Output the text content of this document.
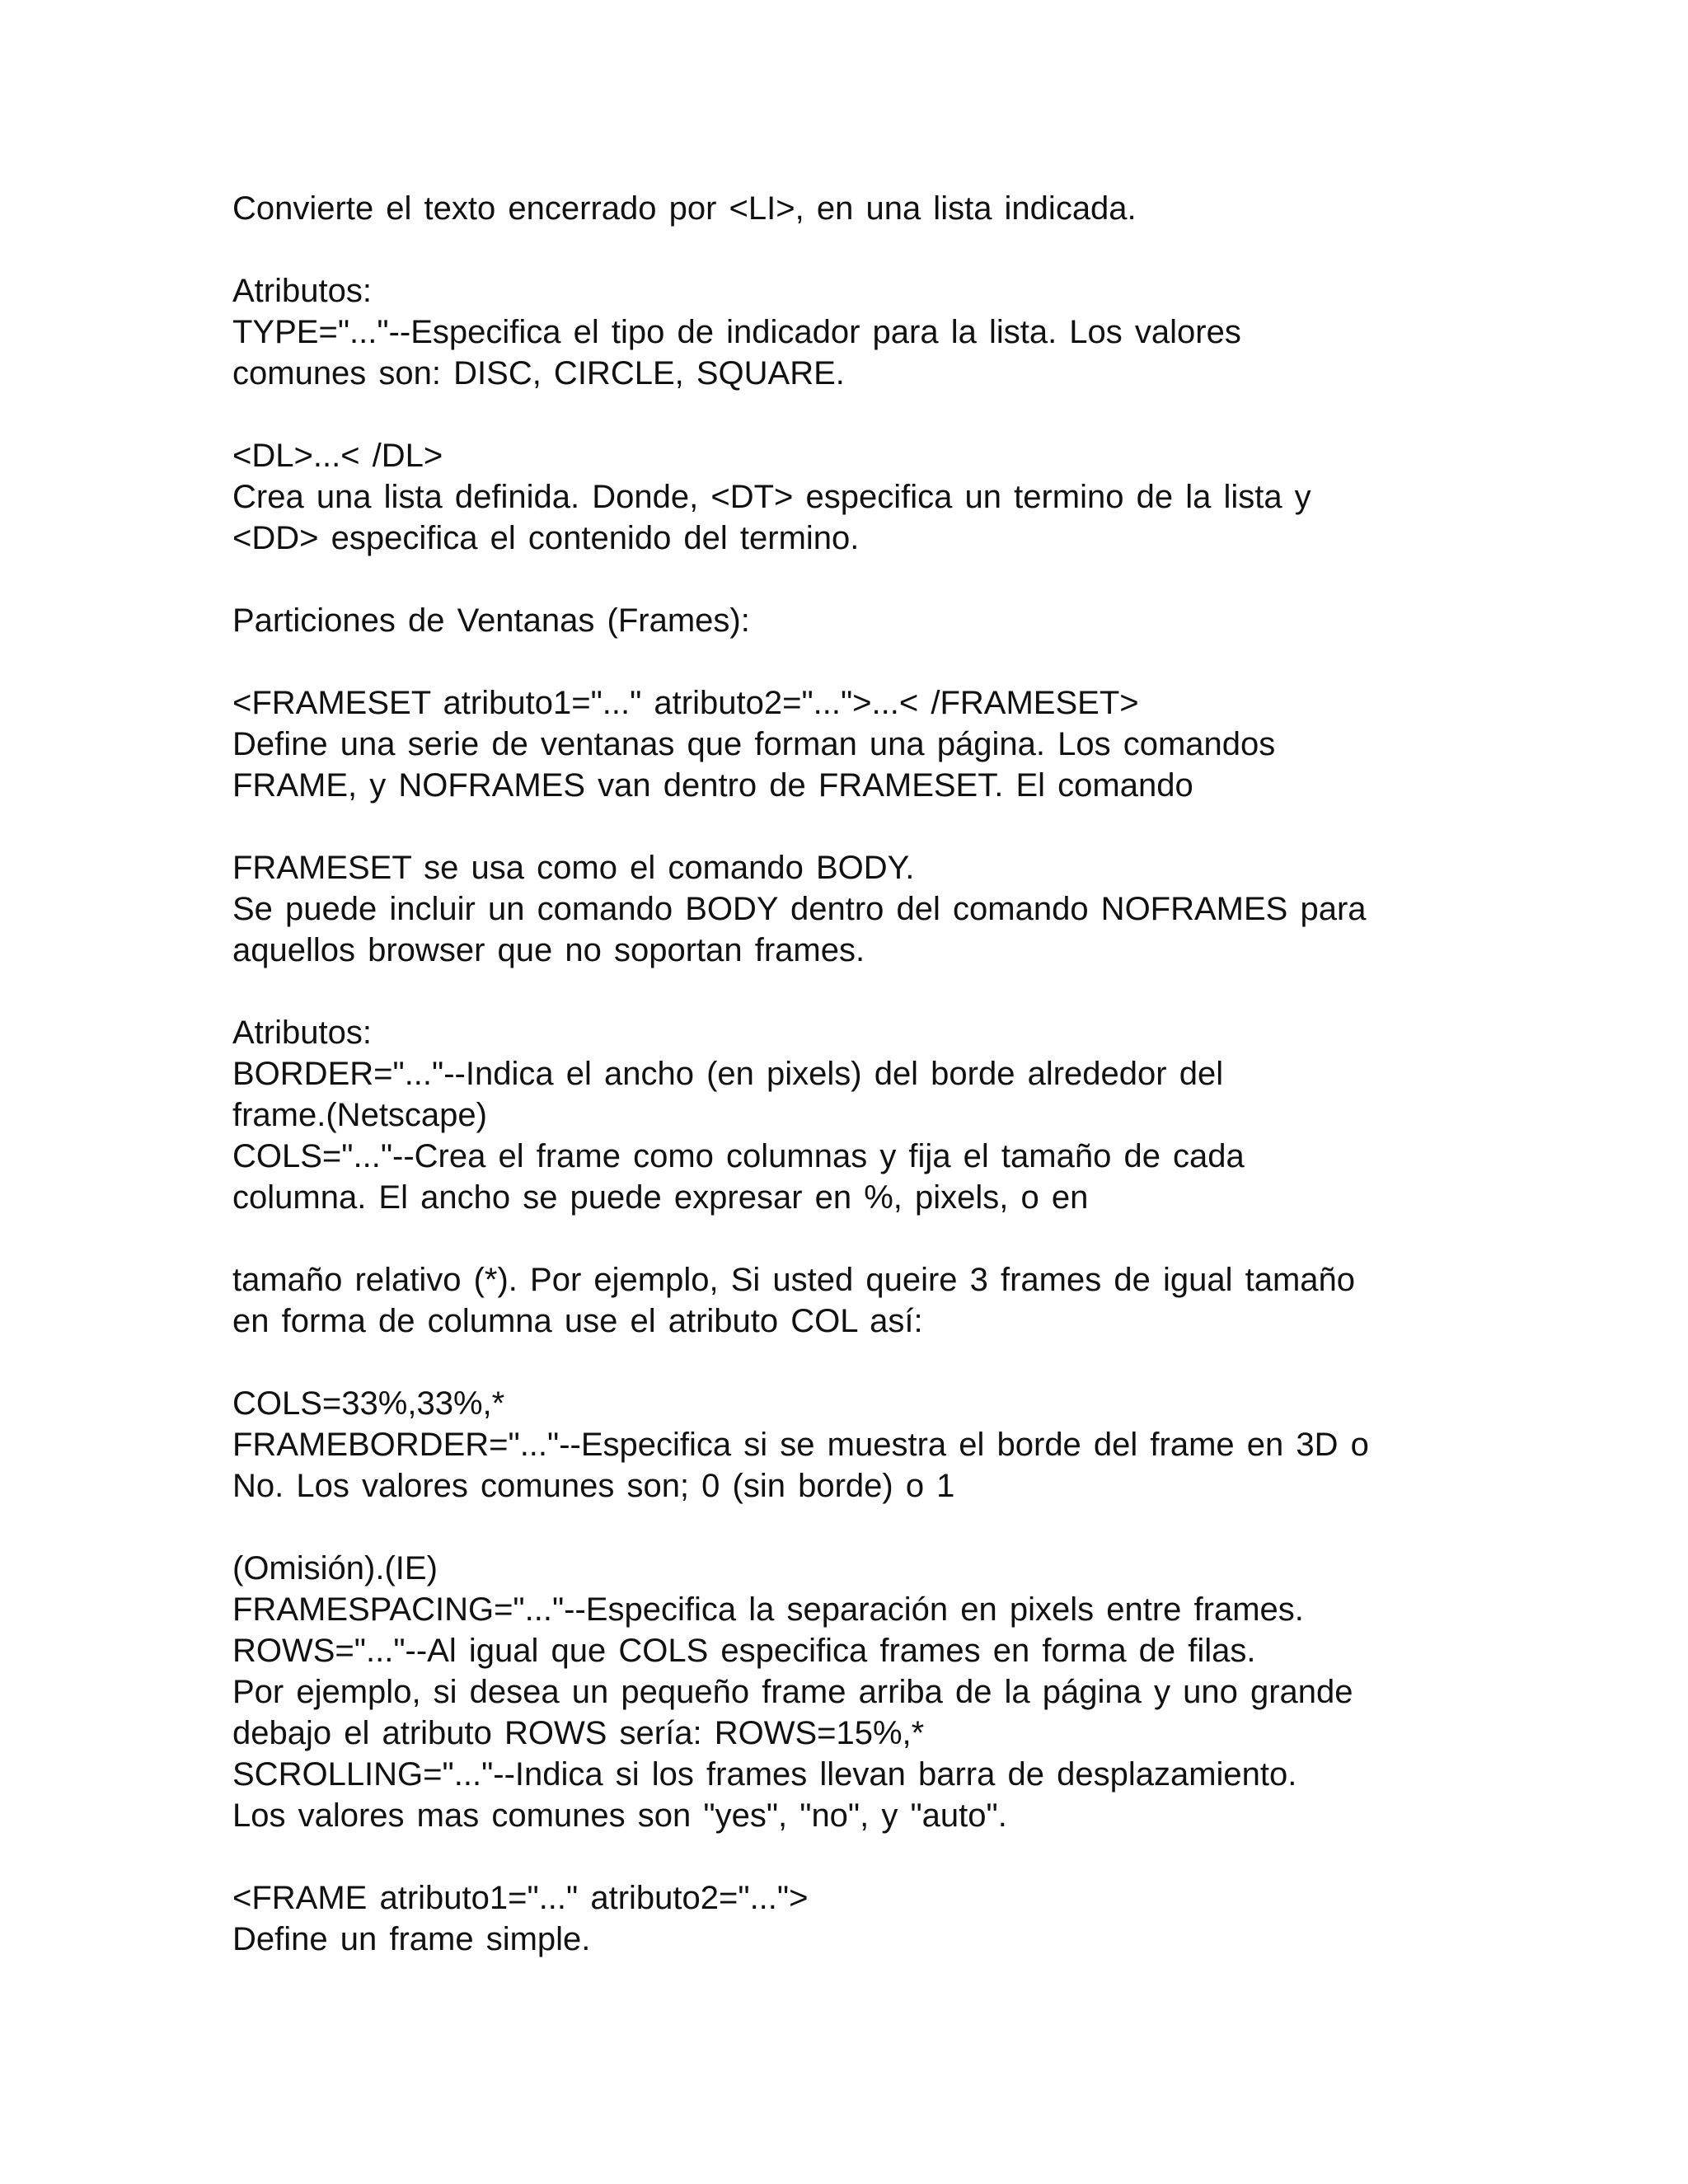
Convierte el texto encerrado por <LI>, en una lista indicada.
Atributos:
TYPE="..."--Especifica el tipo de indicador para la lista. Los valores
comunes son: DISC, CIRCLE, SQUARE.
<DL>...< /DL>
Crea una lista definida. Donde, <DT> especifica un termino de la lista y
<DD> especifica el contenido del termino.
Particiones de Ventanas (Frames):
<FRAMESET atributo1="..." atributo2="...">...< /FRAMESET>
Define una serie de ventanas que forman una página. Los comandos
FRAME, y NOFRAMES van dentro de FRAMESET. El comando
FRAMESET se usa como el comando BODY.
Se puede incluir un comando BODY dentro del comando NOFRAMES para
aquellos browser que no soportan frames.
Atributos:
BORDER="..."--Indica el ancho (en pixels) del borde alrededor del
frame.(Netscape)
COLS="..."--Crea el frame como columnas y fija el tamaño de cada
columna. El ancho se puede expresar en %, pixels, o en
tamaño relativo (*). Por ejemplo, Si usted queire 3 frames de igual tamaño
en forma de columna use el atributo COL así:
COLS=33%,33%,*
FRAMEBORDER="..."--Especifica si se muestra el borde del frame en 3D o
No. Los valores comunes son; 0 (sin borde) o 1
(Omisión).(IE)
FRAMESPACING="..."--Especifica la separación en pixels entre frames.
ROWS="..."--Al igual que COLS especifica frames en forma de filas.
Por ejemplo, si desea un pequeño frame arriba de la página y uno grande
debajo el atributo ROWS sería: ROWS=15%,*
SCROLLING="..."--Indica si los frames llevan barra de desplazamiento.
Los valores mas comunes son "yes", "no", y "auto".
<FRAME atributo1="..." atributo2="...">
Define un frame simple.
